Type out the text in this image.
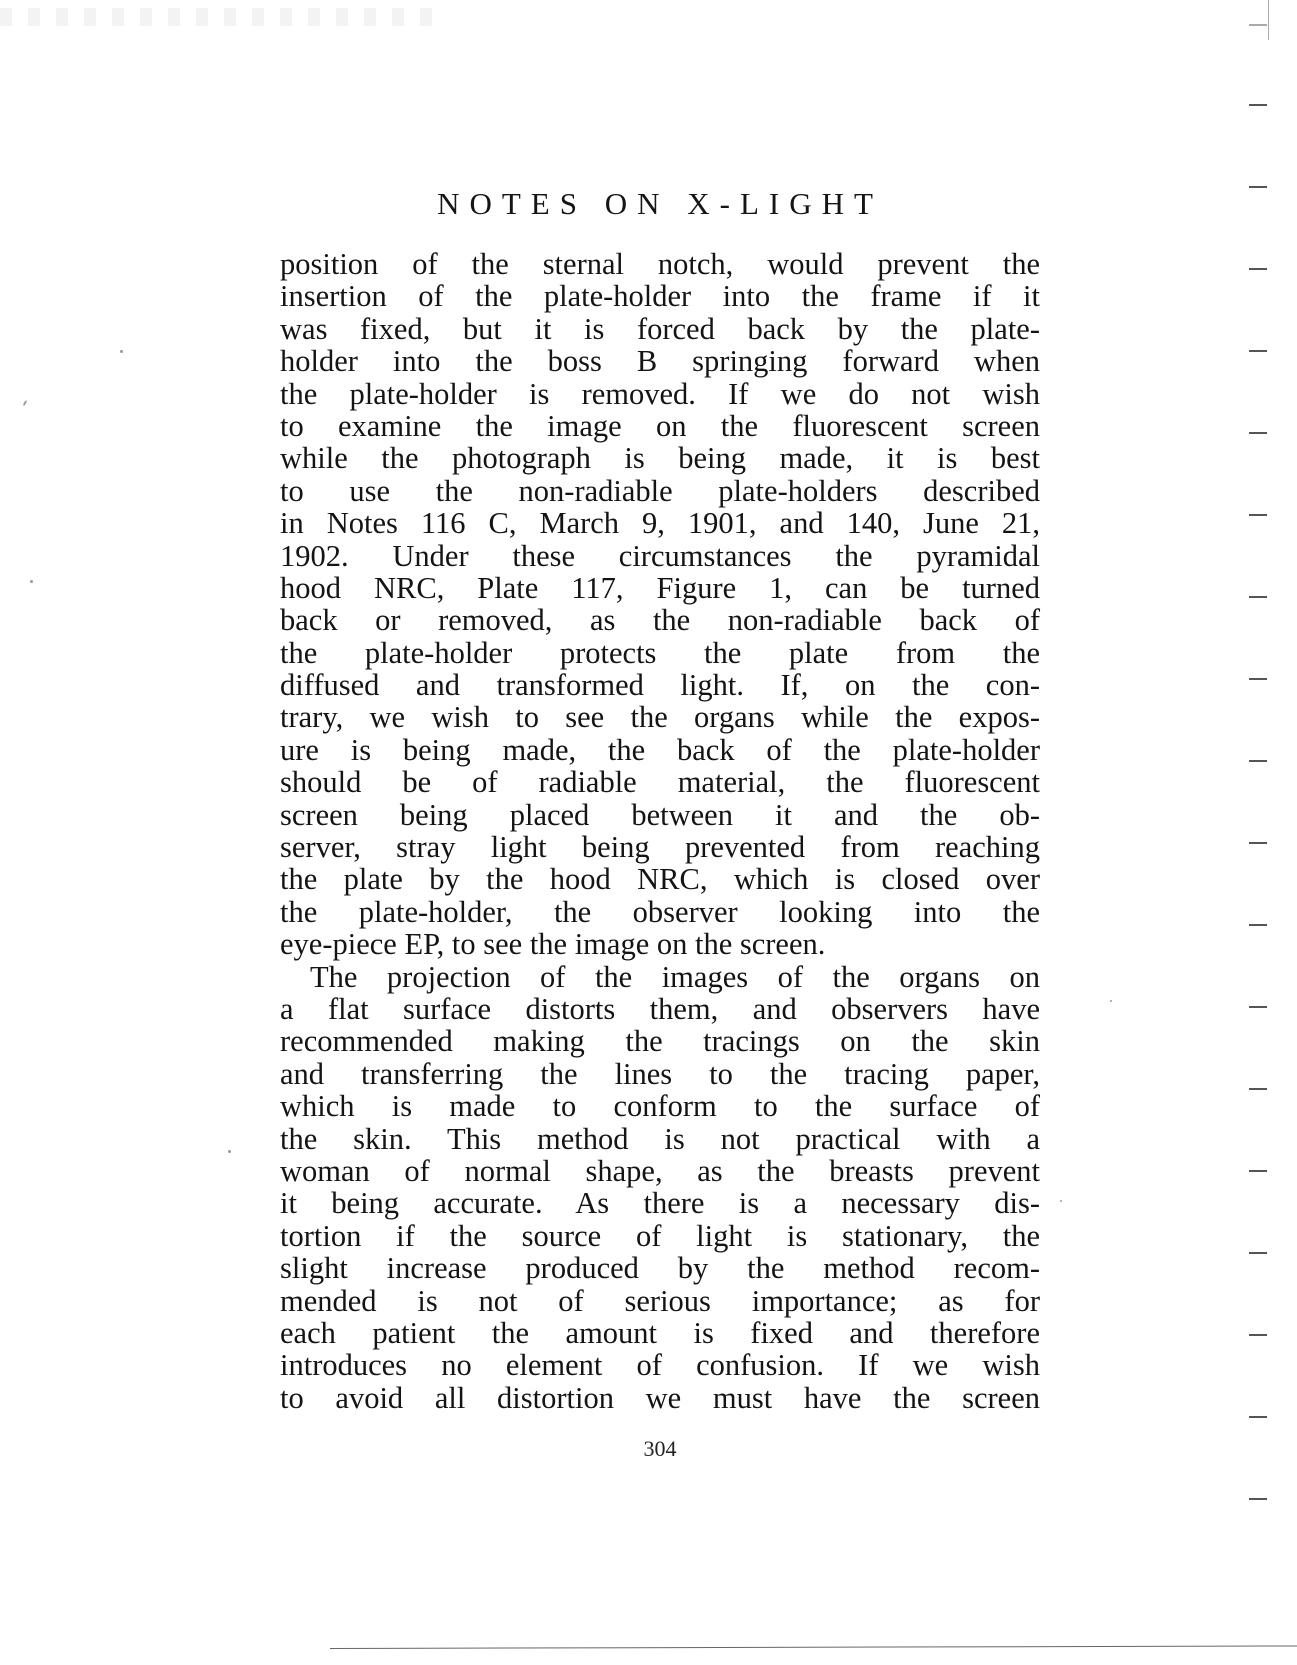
NOTES ON X-LIGHT
position of the sternal notch, would prevent the
insertion of the plate-holder into the frame if it
was fixed, but it is forced back by the plate-
holder into the boss B springing forward when
the plate-holder is removed. If we do not wish
to examine the image on the fluorescent screen
while the photograph is being made, it is best
to use the non-radiable plate-holders described
in Notes 116 C, March 9, 1901, and 140, June 21,
1902. Under these circumstances the pyramidal
hood NRC, Plate 117, Figure 1, can be turned
back or removed, as the non-radiable back of
the plate-holder protects the plate from the
diffused and transformed light. If, on the con-
trary, we wish to see the organs while the expos-
ure is being made, the back of the plate-holder
should be of radiable material, the fluorescent
screen being placed between it and the ob-
server, stray light being prevented from reaching
the plate by the hood NRC, which is closed over
the plate-holder, the observer looking into the
eye-piece EP, to see the image on the screen.
The projection of the images of the organs on
a flat surface distorts them, and observers have
recommended making the tracings on the skin
and transferring the lines to the tracing paper,
which is made to conform to the surface of
the skin. This method is not practical with a
woman of normal shape, as the breasts prevent
it being accurate. As there is a necessary dis-
tortion if the source of light is stationary, the
slight increase produced by the method recom-
mended is not of serious importance; as for
each patient the amount is fixed and therefore
introduces no element of confusion. If we wish
to avoid all distortion we must have the screen
304
